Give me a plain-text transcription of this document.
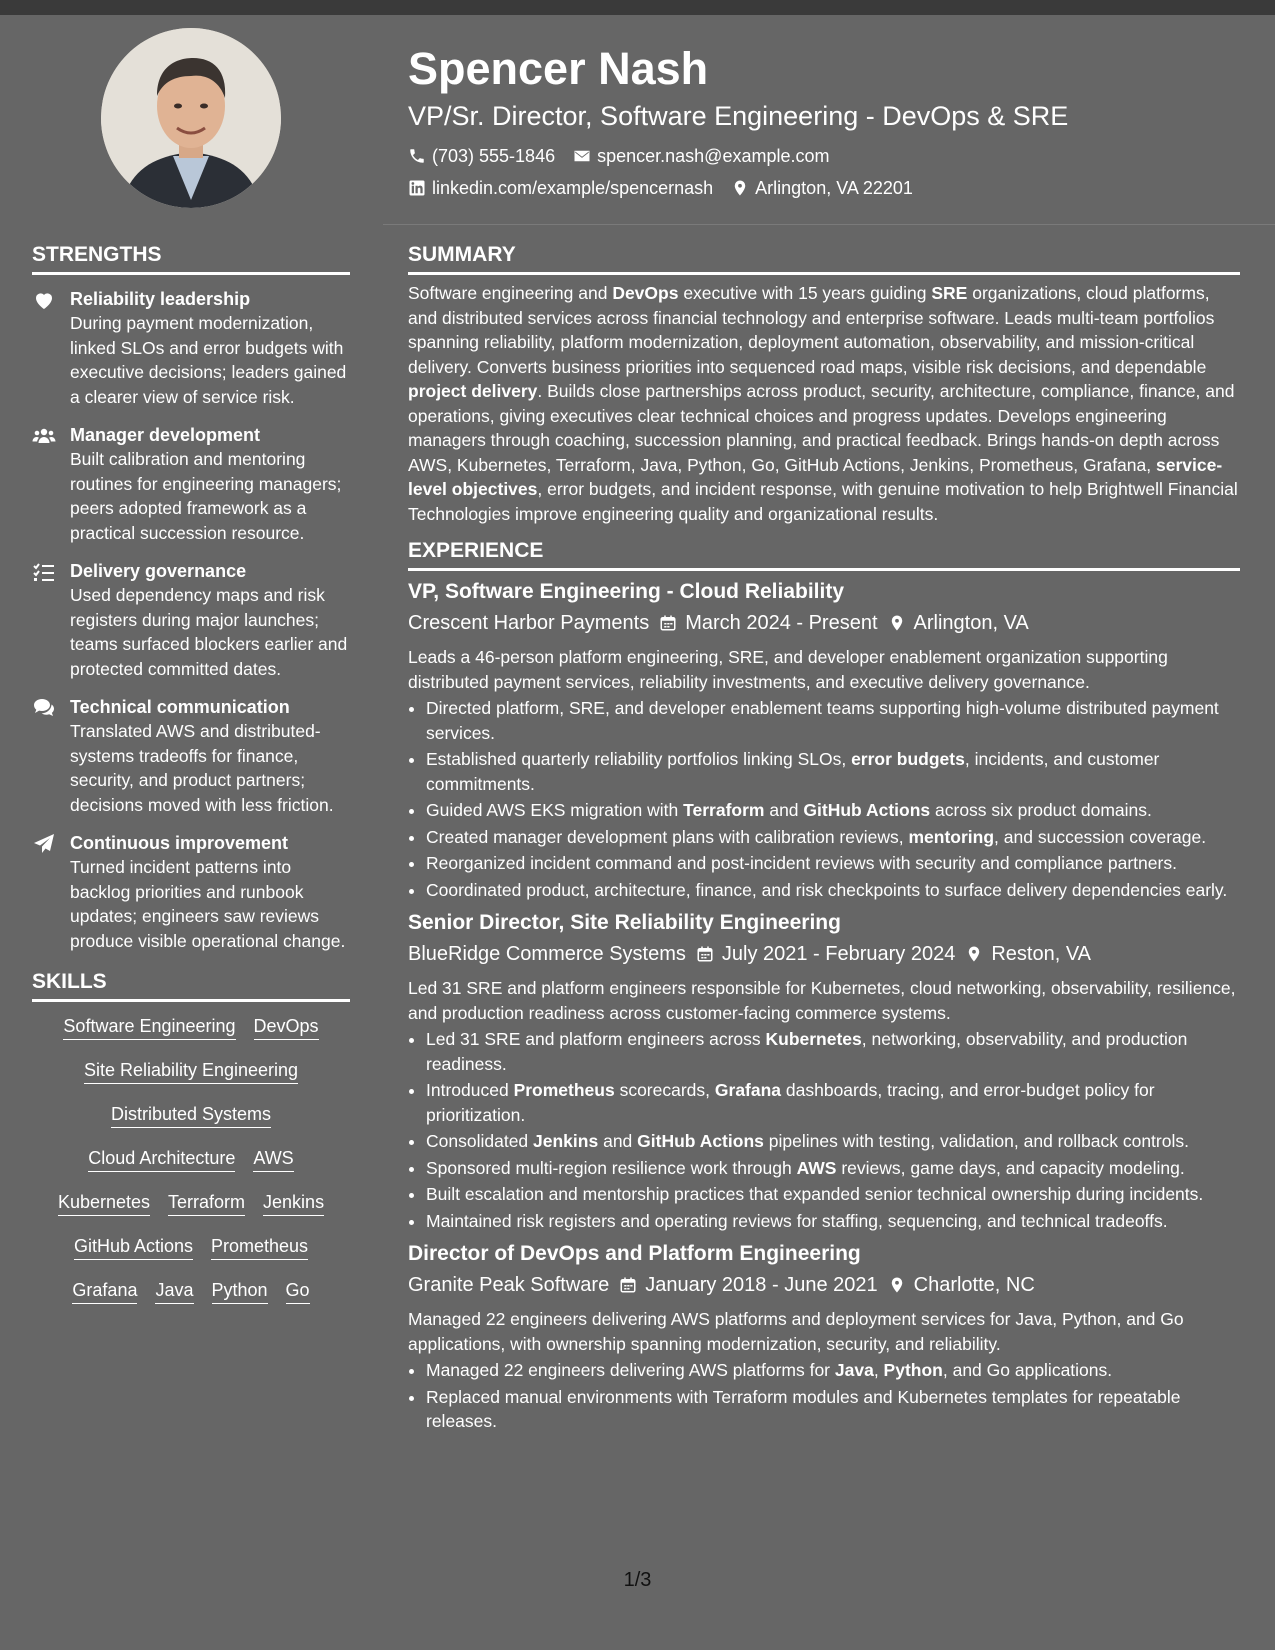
Spencer Nash
VP/Sr. Director, Software Engineering - DevOps & SRE
(703) 555-1846 spencer.nash@example.com
linkedin.com/example/spencernash Arlington, VA 22201
STRENGTHS
Reliability leadership
During payment modernization, linked SLOs and error budgets with executive decisions; leaders gained a clearer view of service risk.
Manager development
Built calibration and mentoring routines for engineering managers; peers adopted framework as a practical succession resource.
Delivery governance
Used dependency maps and risk registers during major launches; teams surfaced blockers earlier and protected committed dates.
Technical communication
Translated AWS and distributed-systems tradeoffs for finance, security, and product partners; decisions moved with less friction.
Continuous improvement
Turned incident patterns into backlog priorities and runbook updates; engineers saw reviews produce visible operational change.
SKILLS
Software Engineering DevOps
Site Reliability Engineering
Distributed Systems
Cloud Architecture AWS
Kubernetes Terraform Jenkins
GitHub Actions Prometheus
Grafana Java Python Go
SUMMARY

Software engineering and DevOps executive with 15 years guiding SRE organizations, cloud platforms, and distributed services across financial technology and enterprise software. Leads multi-team portfolios spanning reliability, platform modernization, deployment automation, observability, and mission-critical delivery. Converts business priorities into sequenced road maps, visible risk decisions, and dependable project delivery. Builds close partnerships across product, security, architecture, compliance, finance, and operations, giving executives clear technical choices and progress updates. Develops engineering managers through coaching, succession planning, and practical feedback. Brings hands-on depth across AWS, Kubernetes, Terraform, Java, Python, Go, GitHub Actions, Jenkins, Prometheus, Grafana, service-level objectives, error budgets, and incident response, with genuine motivation to help Brightwell Financial Technologies improve engineering quality and organizational results.

EXPERIENCE
VP, Software Engineering - Cloud Reliability
Crescent Harbor Payments March 2024 - Present Arlington, VA

Leads a 46-person platform engineering, SRE, and developer enablement organization supporting distributed payment services, reliability investments, and executive delivery governance.

• Directed platform, SRE, and developer enablement teams supporting high-volume distributed payment services.
• Established quarterly reliability portfolios linking SLOs, error budgets, incidents, and customer commitments.
• Guided AWS EKS migration with Terraform and GitHub Actions across six product domains.
• Created manager development plans with calibration reviews, mentoring, and succession coverage.
• Reorganized incident command and post-incident reviews with security and compliance partners.
• Coordinated product, architecture, finance, and risk checkpoints to surface delivery dependencies early.
Senior Director, Site Reliability Engineering
BlueRidge Commerce Systems July 2021 - February 2024 Reston, VA

Led 31 SRE and platform engineers responsible for Kubernetes, cloud networking, observability, resilience, and production readiness across customer-facing commerce systems.

• Led 31 SRE and platform engineers across Kubernetes, networking, observability, and production readiness.
• Introduced Prometheus scorecards, Grafana dashboards, tracing, and error-budget policy for prioritization.
• Consolidated Jenkins and GitHub Actions pipelines with testing, validation, and rollback controls.
• Sponsored multi-region resilience work through AWS reviews, game days, and capacity modeling.
• Built escalation and mentorship practices that expanded senior technical ownership during incidents.
• Maintained risk registers and operating reviews for staffing, sequencing, and technical tradeoffs.
Director of DevOps and Platform Engineering
Granite Peak Software January 2018 - June 2021 Charlotte, NC

Managed 22 engineers delivering AWS platforms and deployment services for Java, Python, and Go applications, with ownership spanning modernization, security, and reliability.

• Managed 22 engineers delivering AWS platforms for Java, Python, and Go applications.
• Replaced manual environments with Terraform modules and Kubernetes templates for repeatable releases.
1/3
